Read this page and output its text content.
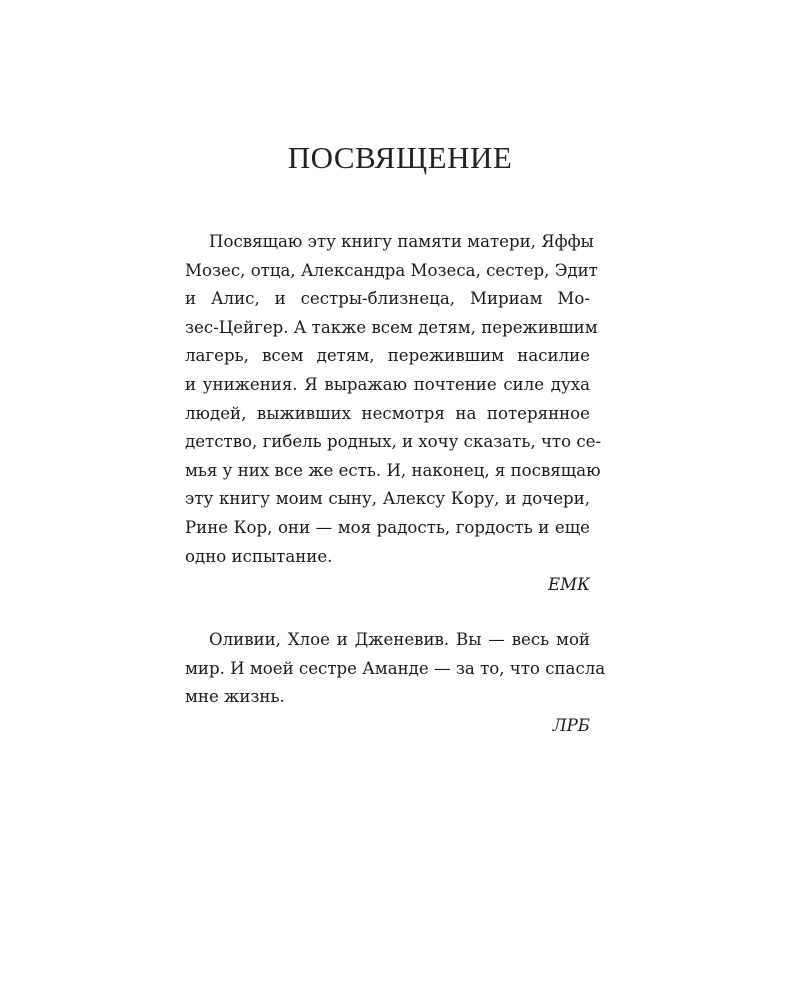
ПОСВЯЩЕНИЕ
Посвящаю эту книгу памяти матери, Яффы
Мозес, отца, Александра Мозеса, сестер, Эдит
и Алис, и сестры-близнеца, Мириам Мо-
зес-Цейгер. А также всем детям, пережившим
лагерь, всем детям, пережившим насилие
и унижения. Я выражаю почтение силе духа
людей, выживших несмотря на потерянное
детство, гибель родных, и хочу сказать, что се-
мья у них все же есть. И, наконец, я посвящаю
эту книгу моим сыну, Алексу Кору, и дочери,
Рине Кор, они — моя радость, гордость и еще
одно испытание.
ЕМК
Оливии, Хлое и Дженевив. Вы — весь мой
мир. И моей сестре Аманде — за то, что спасла
мне жизнь.
ЛРБ
